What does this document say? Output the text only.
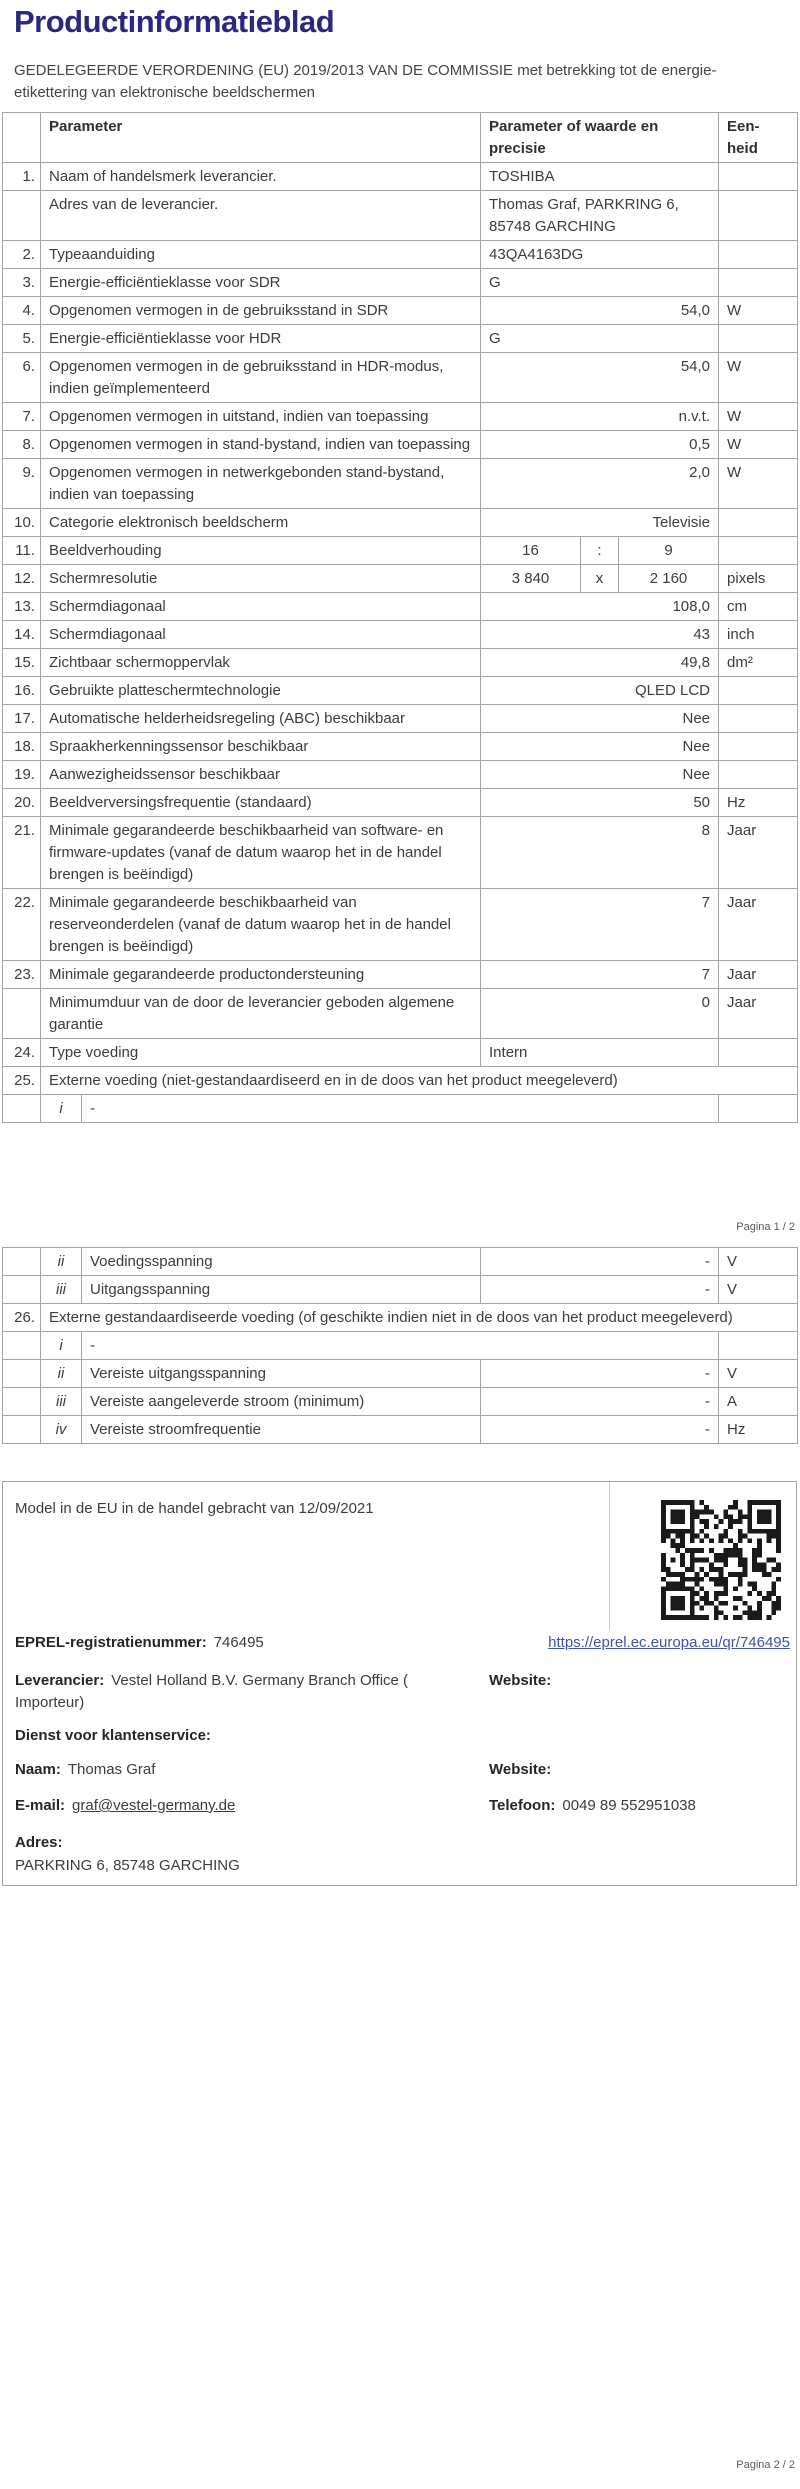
Productinformatieblad
GEDELEGEERDE VERORDENING (EU) 2019/2013 VAN DE COMMISSIE met betrekking tot de energie-etikettering van elektronische beeldschermen
	Parameter		Parameter of waarde en precisie			Een-heid
1.	Naam of handelsmerk leverancier.		TOSHIBA			
	Adres van de leverancier.		Thomas Graf, PARKRING 6, 85748 GARCHING			
2.	Typeaanduiding		43QA4163DG			
3.	Energie-efficiëntieklasse voor SDR		G			
4.	Opgenomen vermogen in de gebruiksstand in SDR		54,0			W
5.	Energie-efficiëntieklasse voor HDR		G			
6.	Opgenomen vermogen in de gebruiksstand in HDR-modus, indien geïmplementeerd		54,0			W
7.	Opgenomen vermogen in uitstand, indien van toepassing		n.v.t.			W
8.	Opgenomen vermogen in stand-bystand, indien van toepassing		0,5			W
9.	Opgenomen vermogen in netwerkgebonden stand-bystand, indien van toepassing		2,0			W
10.	Categorie elektronisch beeldscherm		Televisie			
11.	Beeldverhouding		16	:	9	
12.	Schermresolutie		3 840	x	2 160	pixels
13.	Schermdiagonaal		108,0			cm
14.	Schermdiagonaal		43			inch
15.	Zichtbaar schermoppervlak		49,8			dm²
16.	Gebruikte platteschermtechnologie		QLED LCD			
17.	Automatische helderheidsregeling (ABC) beschikbaar		Nee			
18.	Spraakherkenningssensor beschikbaar		Nee			
19.	Aanwezigheidssensor beschikbaar		Nee			
20.	Beeldverversingsfrequentie (standaard)		50			Hz
21.	Minimale gegarandeerde beschikbaarheid van software- en firmware-updates (vanaf de datum waarop het in de handel brengen is beëindigd)		8			Jaar
22.	Minimale gegarandeerde beschikbaarheid van reserveonderdelen (vanaf de datum waarop het in de handel brengen is beëindigd)		7			Jaar
23.	Minimale gegarandeerde productondersteuning		7			Jaar
	Minimumduur van de door de leverancier geboden algemene garantie		0			Jaar
24.	Type voeding		Intern			
25.	Externe voeding (niet-gestandaardiseerd en in de doos van het product meegeleverd)					
	i	-				
Pagina 1 / 2
	ii	Voedingsspanning	-	V
	iii	Uitgangsspanning	-	V
26.	Externe gestandaardiseerde voeding (of geschikte indien niet in de doos van het product meegeleverd)			
	i	-		
	ii	Vereiste uitgangsspanning	-	V
	iii	Vereiste aangeleverde stroom (minimum)	-	A
	iv	Vereiste stroomfrequentie	-	Hz
Model in de EU in de handel gebracht van 12/09/2021
EPREL-registratienummer: 746495	https://eprel.ec.europa.eu/qr/746495
Leverancier: Vestel Holland B.V. Germany Branch Office ( Importeur)
Website:
Dienst voor klantenservice:
Naam: Thomas Graf	Website:
E-mail: graf@vestel-germany.de	Telefoon: 0049 89 552951038
Adres:
PARKRING 6, 85748 GARCHING
Pagina 2 / 2
